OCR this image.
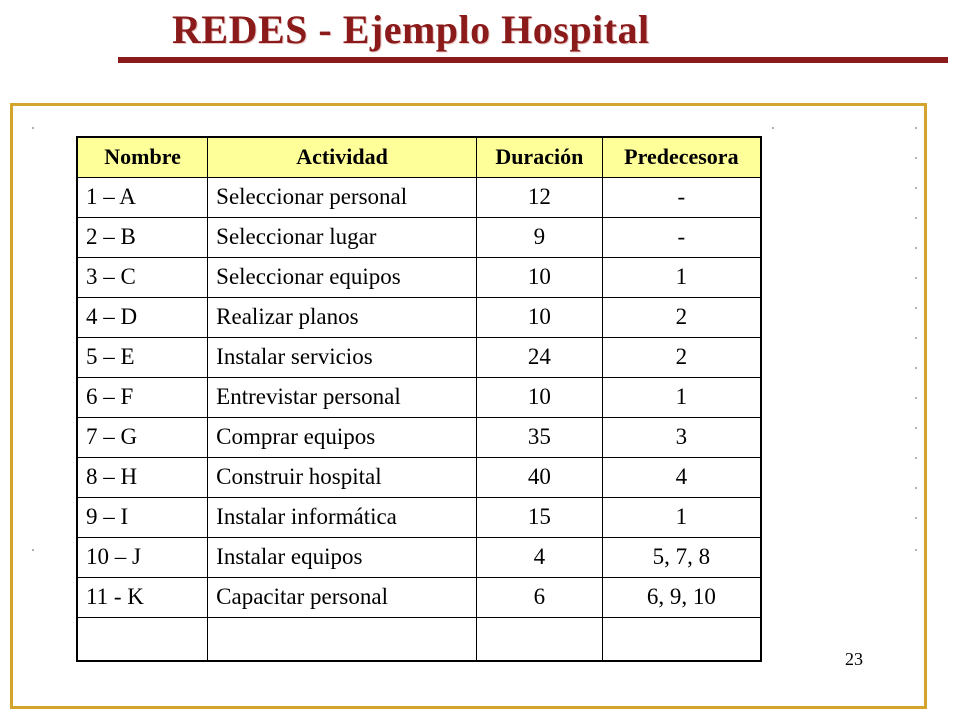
REDES - Ejemplo Hospital
Nombre	Actividad	Duración	Predecesora
1 – A	Seleccionar personal	12	-
2 – B	Seleccionar lugar	9	-
3 – C	Seleccionar equipos	10	1
4 – D	Realizar planos	10	2
5 – E	Instalar servicios	24	2
6 – F	Entrevistar personal	10	1
7 – G	Comprar equipos	35	3
8 – H	Construir hospital	40	4
9 – I	Instalar informática	15	1
10 – J	Instalar equipos	4	5, 7, 8
11 - K	Capacitar personal	6	6, 9, 10

23
